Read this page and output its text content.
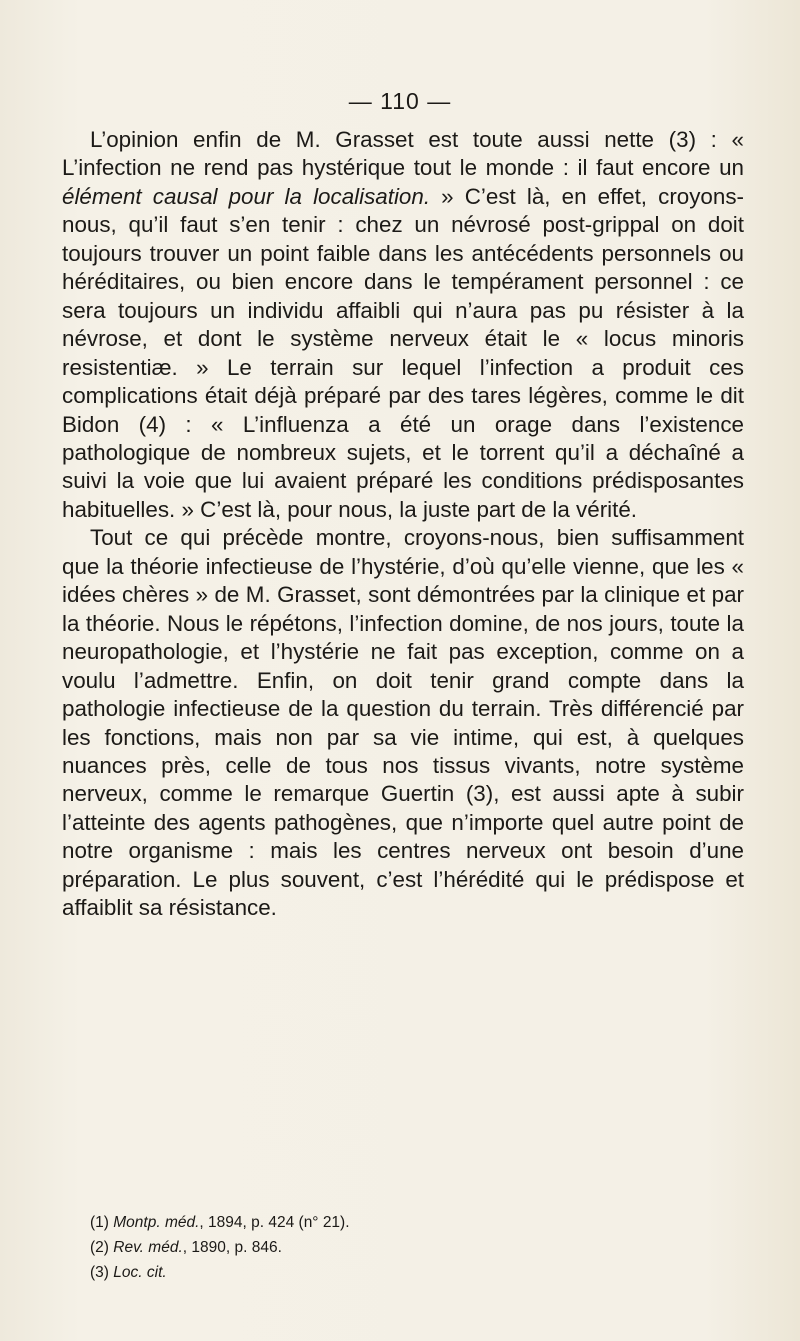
— 110 —

L’opinion enfin de M. Grasset est toute aussi nette (3) : « L’infection ne rend pas hystérique tout le monde : il faut encore un élément causal pour la localisation. » C’est là, en effet, croyons-nous, qu’il faut s’en tenir : chez un névrosé post-grippal on doit toujours trouver un point faible dans les antécédents personnels ou héréditaires, ou bien encore dans le tempérament personnel : ce sera toujours un individu affaibli qui n’aura pas pu résister à la névrose, et dont le système nerveux était le « locus minoris resistentiæ. » Le terrain sur lequel l’infection a produit ces complications était déjà préparé par des tares légères, comme le dit Bidon (4) : « L’influenza a été un orage dans l’existence pathologique de nombreux sujets, et le torrent qu’il a déchaîné a suivi la voie que lui avaient préparé les conditions prédisposantes habituelles. » C’est là, pour nous, la juste part de la vérité.

Tout ce qui précède montre, croyons-nous, bien suffisamment que la théorie infectieuse de l’hystérie, d’où qu’elle vienne, que les « idées chères » de M. Grasset, sont démontrées par la clinique et par la théorie. Nous le répétons, l’infection domine, de nos jours, toute la neuropathologie, et l’hystérie ne fait pas exception, comme on a voulu l’admettre. Enfin, on doit tenir grand compte dans la pathologie infectieuse de la question du terrain. Très différencié par les fonctions, mais non par sa vie intime, qui est, à quelques nuances près, celle de tous nos tissus vivants, notre système nerveux, comme le remarque Guertin (3), est aussi apte à subir l’atteinte des agents pathogènes, que n’importe quel autre point de notre organisme : mais les centres nerveux ont besoin d’une préparation. Le plus souvent, c’est l’hérédité qui le prédispose et affaiblit sa résistance.

(1) Montp. méd., 1894, p. 424 (n° 21).

(2) Rev. méd., 1890, p. 846.

(3) Loc. cit.
